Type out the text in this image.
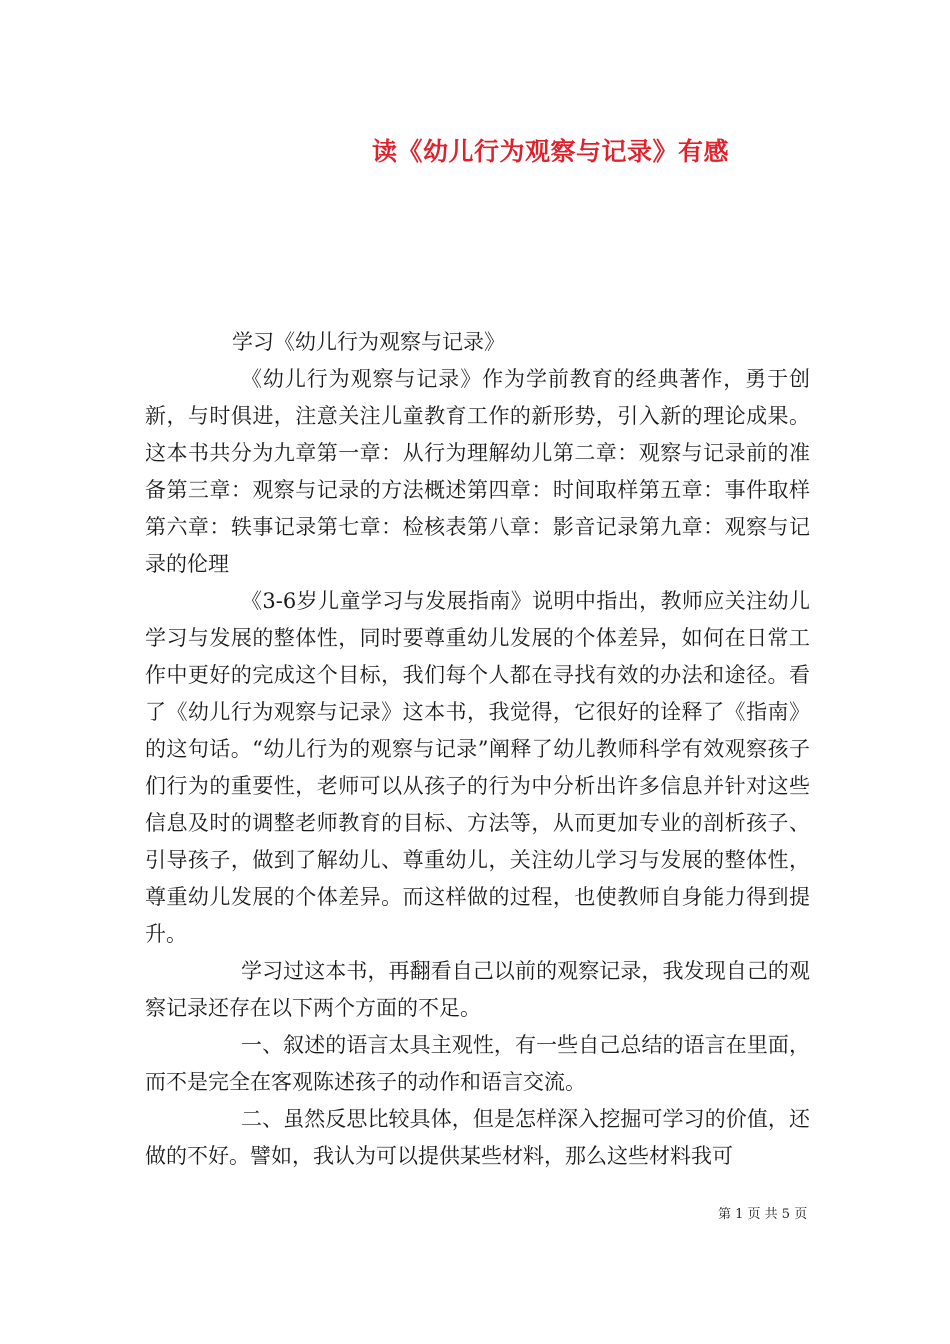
读《幼儿行为观察与记录》有感
学习《幼儿行为观察与记录》

《幼儿行为观察与记录》作为学前教育的经典著作，勇于创新，与时俱进，注意关注儿童教育工作的新形势，引入新的理论成果。这本书共分为九章第一章：从行为理解幼儿第二章：观察与记录前的准备第三章：观察与记录的方法概述第四章：时间取样第五章：事件取样第六章：轶事记录第七章：检核表第八章：影音记录第九章：观察与记录的伦理

《3-6岁儿童学习与发展指南》说明中指出，教师应关注幼儿学习与发展的整体性，同时要尊重幼儿发展的个体差异，如何在日常工作中更好的完成这个目标，我们每个人都在寻找有效的办法和途径。看了《幼儿行为观察与记录》这本书，我觉得，它很好的诠释了《指南》的这句话。“幼儿行为的观察与记录”阐释了幼儿教师科学有效观察孩子们行为的重要性，老师可以从孩子的行为中分析出许多信息并针对这些信息及时的调整老师教育的目标、方法等，从而更加专业的剖析孩子、引导孩子，做到了解幼儿、尊重幼儿，关注幼儿学习与发展的整体性，尊重幼儿发展的个体差异。而这样做的过程，也使教师自身能力得到提升。

学习过这本书，再翻看自己以前的观察记录，我发现自己的观察记录还存在以下两个方面的不足。

一、叙述的语言太具主观性，有一些自己总结的语言在里面，而不是完全在客观陈述孩子的动作和语言交流。

二、虽然反思比较具体，但是怎样深入挖掘可学习的价值，还做的不好。譬如，我认为可以提供某些材料，那么这些材料我可

第 1 页 共 5 页
